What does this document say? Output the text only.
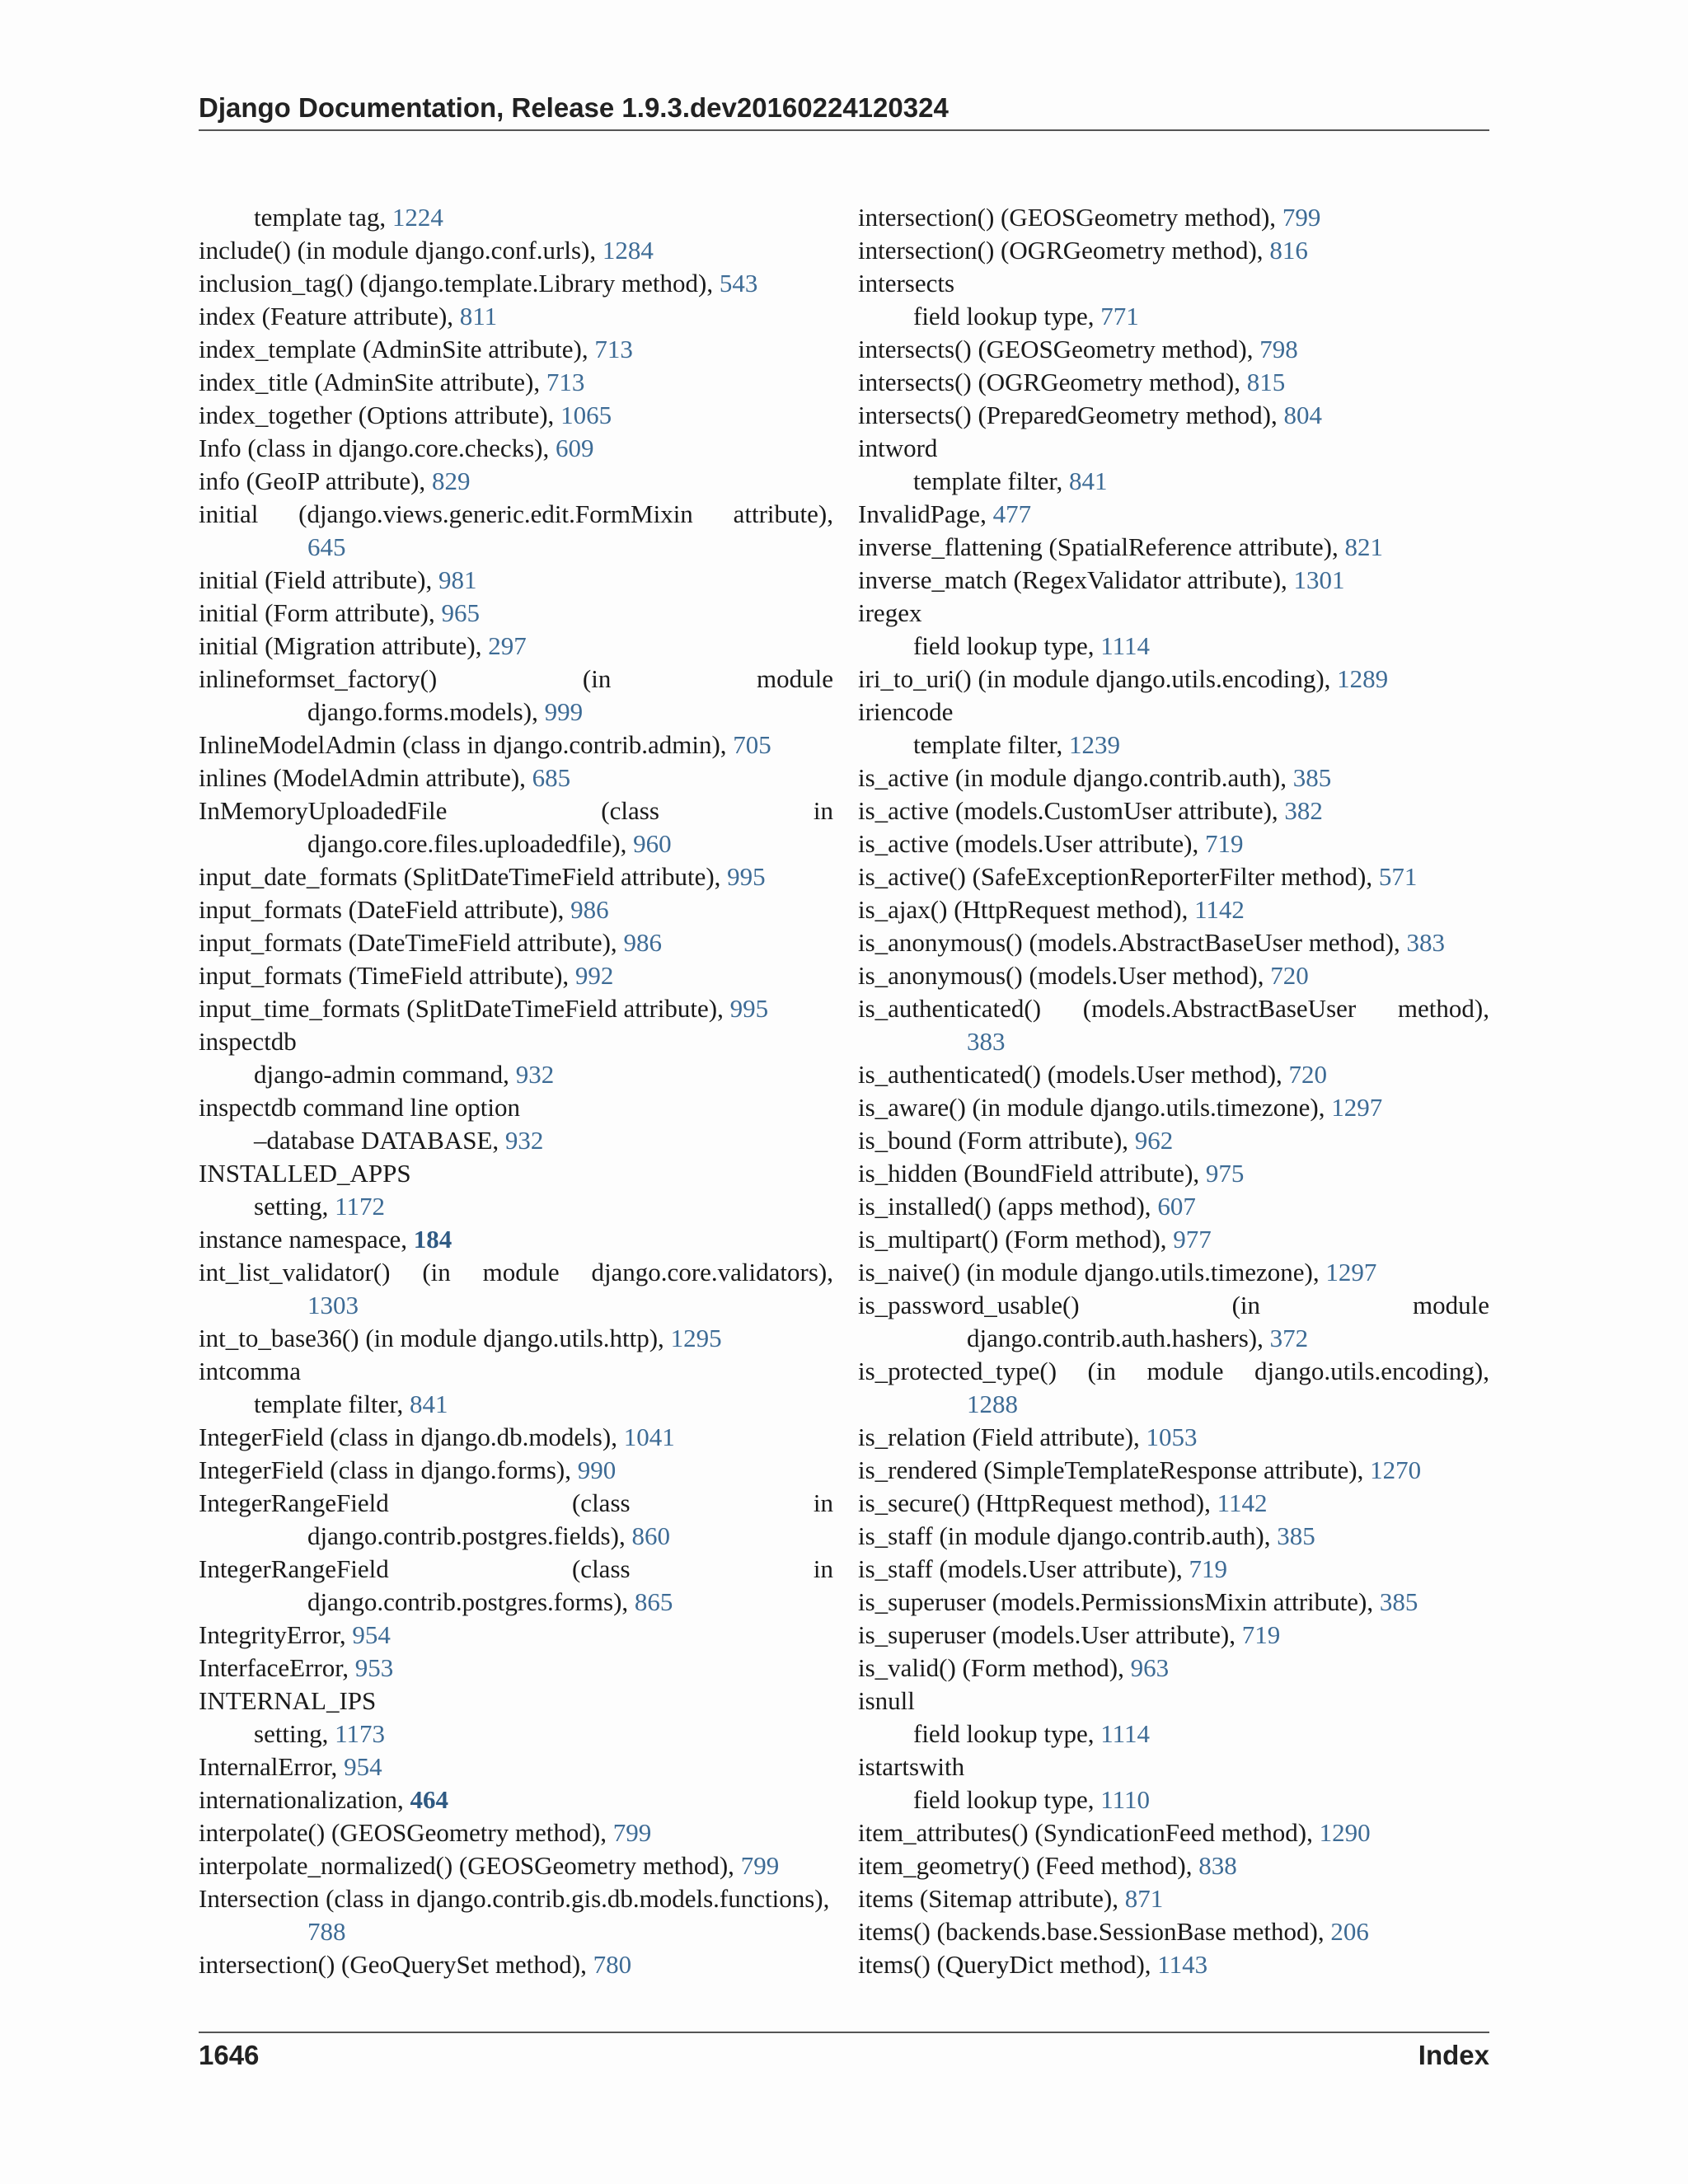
Django Documentation, Release 1.9.3.dev20160224120324
template tag, 1224
include() (in module django.conf.urls), 1284
inclusion_tag() (django.template.Library method), 543
index (Feature attribute), 811
index_template (AdminSite attribute), 713
index_title (AdminSite attribute), 713
index_together (Options attribute), 1065
Info (class in django.core.checks), 609
info (GeoIP attribute), 829
initial (django.views.generic.edit.FormMixin attribute),
645
initial (Field attribute), 981
initial (Form attribute), 965
initial (Migration attribute), 297
inlineformset_factory()	(in	module
django.forms.models), 999
InlineModelAdmin (class in django.contrib.admin), 705
inlines (ModelAdmin attribute), 685
InMemoryUploadedFile	(class	in
django.core.files.uploadedfile), 960
input_date_formats (SplitDateTimeField attribute), 995
input_formats (DateField attribute), 986
input_formats (DateTimeField attribute), 986
input_formats (TimeField attribute), 992
input_time_formats (SplitDateTimeField attribute), 995
inspectdb
django-admin command, 932
inspectdb command line option
–database DATABASE, 932
INSTALLED_APPS
setting, 1172
instance namespace, 184
int_list_validator() (in module django.core.validators),
1303
int_to_base36() (in module django.utils.http), 1295
intcomma
template filter, 841
IntegerField (class in django.db.models), 1041
IntegerField (class in django.forms), 990
IntegerRangeField	(class	in
django.contrib.postgres.fields), 860
IntegerRangeField	(class	in
django.contrib.postgres.forms), 865
IntegrityError, 954
InterfaceError, 953
INTERNAL_IPS
setting, 1173
InternalError, 954
internationalization, 464
interpolate() (GEOSGeometry method), 799
interpolate_normalized() (GEOSGeometry method), 799
Intersection (class in django.contrib.gis.db.models.functions),
788
intersection() (GeoQuerySet method), 780
intersection() (GEOSGeometry method), 799
intersection() (OGRGeometry method), 816
intersects
field lookup type, 771
intersects() (GEOSGeometry method), 798
intersects() (OGRGeometry method), 815
intersects() (PreparedGeometry method), 804
intword
template filter, 841
InvalidPage, 477
inverse_flattening (SpatialReference attribute), 821
inverse_match (RegexValidator attribute), 1301
iregex
field lookup type, 1114
iri_to_uri() (in module django.utils.encoding), 1289
iriencode
template filter, 1239
is_active (in module django.contrib.auth), 385
is_active (models.CustomUser attribute), 382
is_active (models.User attribute), 719
is_active() (SafeExceptionReporterFilter method), 571
is_ajax() (HttpRequest method), 1142
is_anonymous() (models.AbstractBaseUser method), 383
is_anonymous() (models.User method), 720
is_authenticated() (models.AbstractBaseUser method),
383
is_authenticated() (models.User method), 720
is_aware() (in module django.utils.timezone), 1297
is_bound (Form attribute), 962
is_hidden (BoundField attribute), 975
is_installed() (apps method), 607
is_multipart() (Form method), 977
is_naive() (in module django.utils.timezone), 1297
is_password_usable()	(in	module
django.contrib.auth.hashers), 372
is_protected_type() (in module django.utils.encoding),
1288
is_relation (Field attribute), 1053
is_rendered (SimpleTemplateResponse attribute), 1270
is_secure() (HttpRequest method), 1142
is_staff (in module django.contrib.auth), 385
is_staff (models.User attribute), 719
is_superuser (models.PermissionsMixin attribute), 385
is_superuser (models.User attribute), 719
is_valid() (Form method), 963
isnull
field lookup type, 1114
istartswith
field lookup type, 1110
item_attributes() (SyndicationFeed method), 1290
item_geometry() (Feed method), 838
items (Sitemap attribute), 871
items() (backends.base.SessionBase method), 206
items() (QueryDict method), 1143
1646	Index
